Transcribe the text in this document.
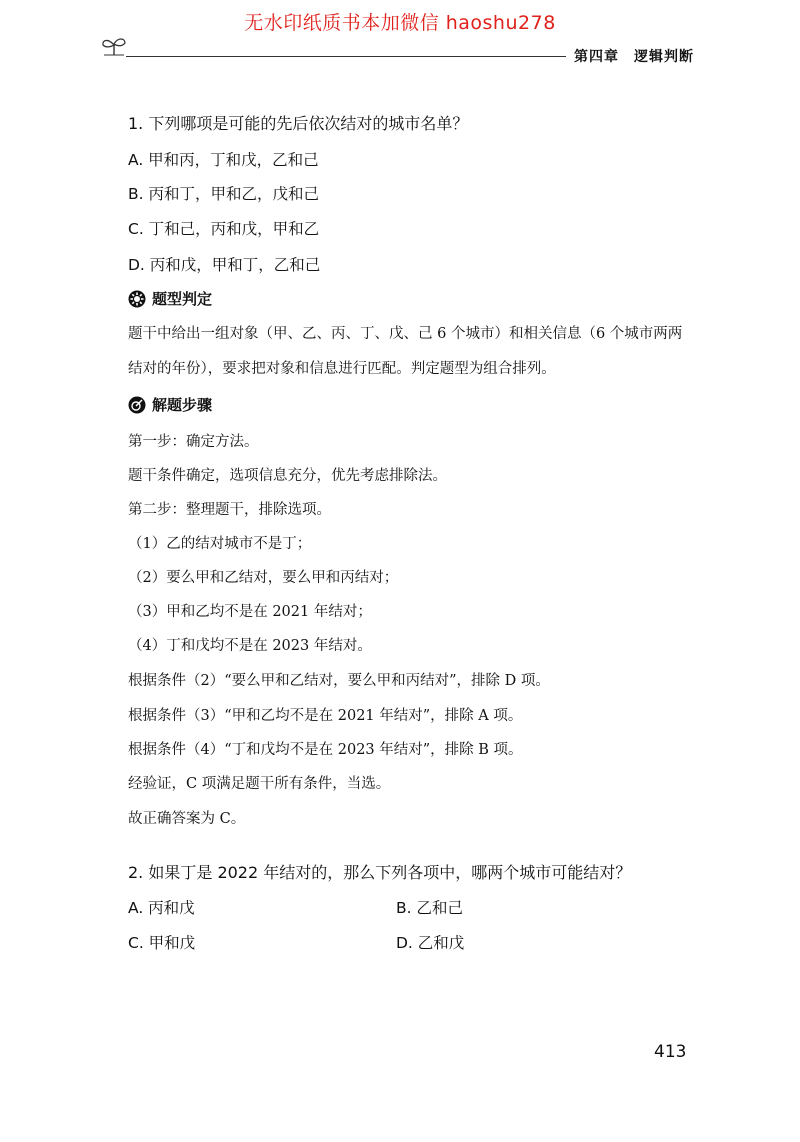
无水印纸质书本加微信 haoshu278
第四章　逻辑判断
1. 下列哪项是可能的先后依次结对的城市名单？
A. 甲和丙，丁和戊，乙和己
B. 丙和丁，甲和乙，戊和己
C. 丁和己，丙和戊，甲和乙
D. 丙和戊，甲和丁，乙和己
题型判定
题干中给出一组对象（甲、乙、丙、丁、戊、己 6 个城市）和相关信息（6 个城市两两结对的年份），要求把对象和信息进行匹配。判定题型为组合排列。
解题步骤
第一步：确定方法。
题干条件确定，选项信息充分，优先考虑排除法。
第二步：整理题干，排除选项。
（1）乙的结对城市不是丁；
（2）要么甲和乙结对，要么甲和丙结对；
（3）甲和乙均不是在 2021 年结对；
（4）丁和戊均不是在 2023 年结对。
根据条件（2）“要么甲和乙结对，要么甲和丙结对”，排除 D 项。
根据条件（3）“甲和乙均不是在 2021 年结对”，排除 A 项。
根据条件（4）“丁和戊均不是在 2023 年结对”，排除 B 项。
经验证，C 项满足题干所有条件，当选。
故正确答案为 C。
2. 如果丁是 2022 年结对的，那么下列各项中，哪两个城市可能结对？
A. 丙和戊	B. 乙和己
C. 甲和戊	D. 乙和戊
413
